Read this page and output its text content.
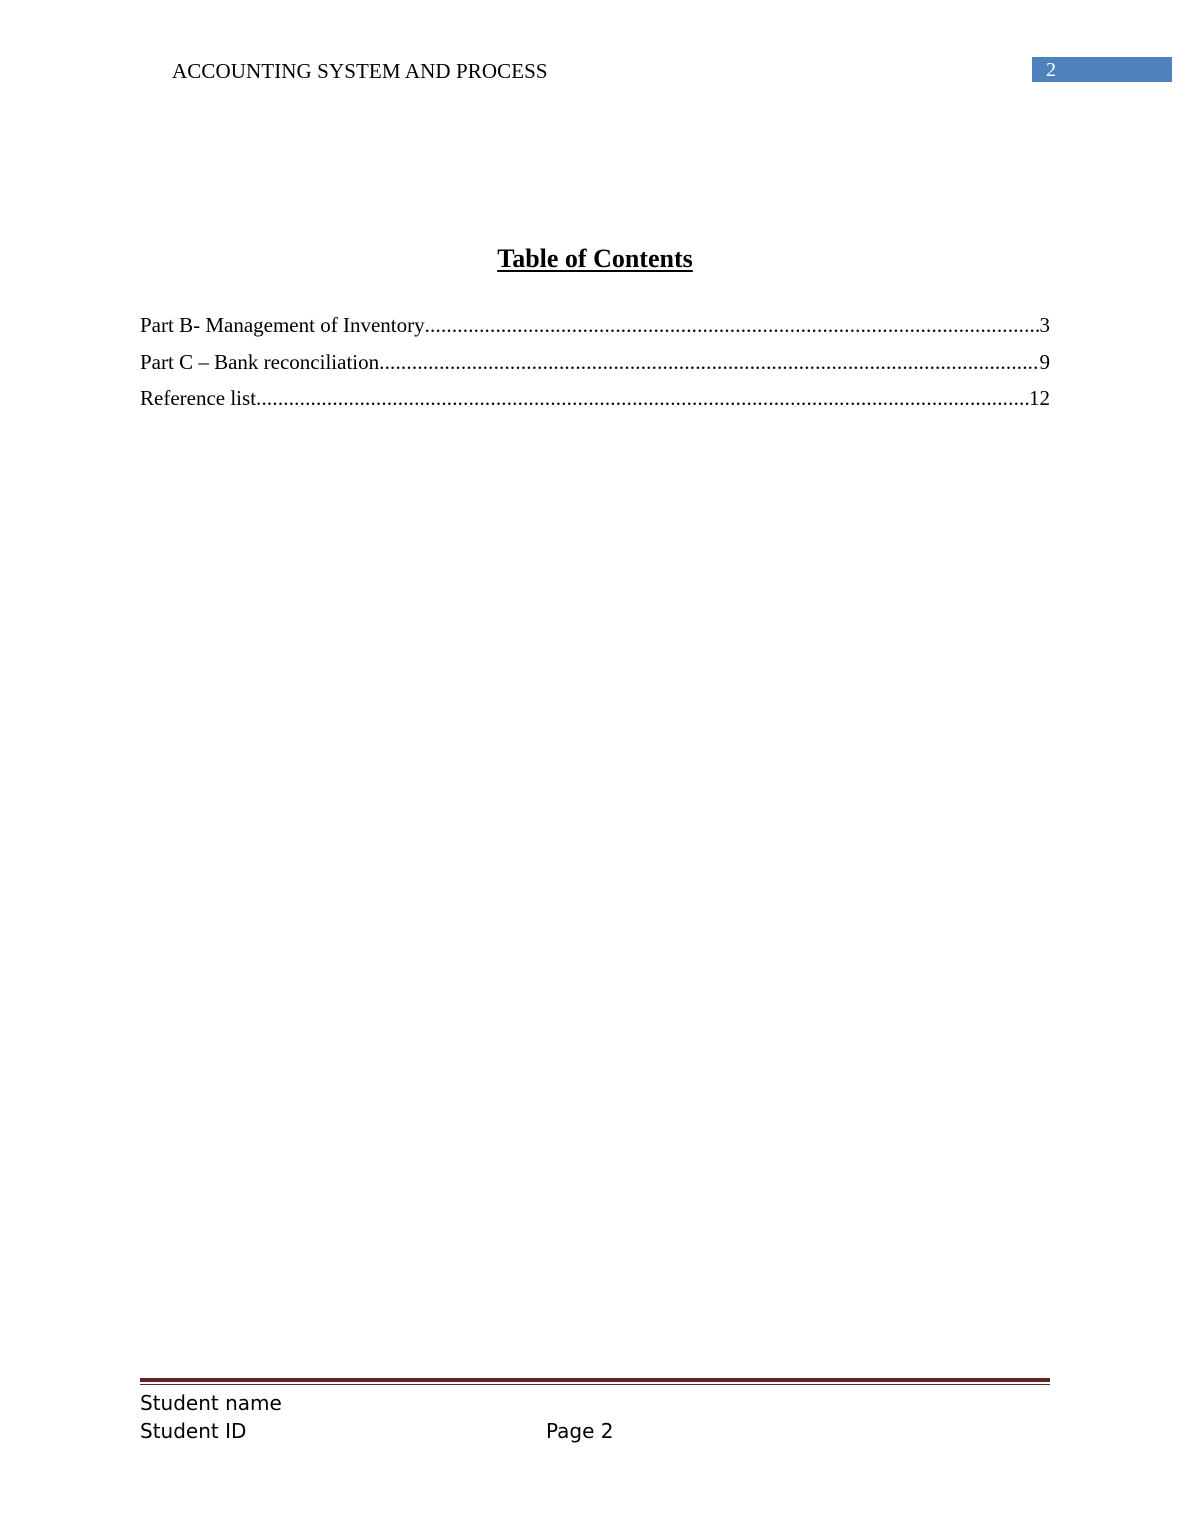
ACCOUNTING SYSTEM AND PROCESS	2
Table of Contents
Part B- Management of Inventory .....	3
Part C – Bank reconciliation .....	9
Reference list .....	12
Student name
Student ID	Page 2
